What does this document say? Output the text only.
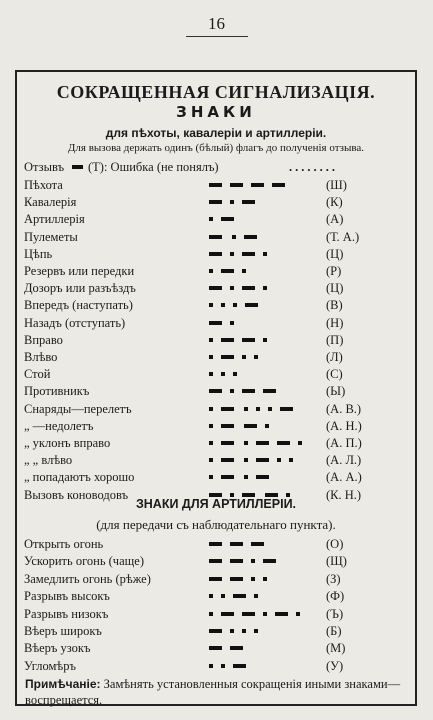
16
СОКРАЩЕННАЯ СИГНАЛИЗАЦІЯ.
ЗНАКИ
для пѣхоты, кавалеріи и артиллеріи.
Для вызова держать одинъ (бѣлый) флагъ до полученія отзыва.
Отзывъ (Т): Ошибка (не понялъ)	........
Пѣхота	(Ш)
Кавалерія	(К)
Артиллерія	(А)
Пулеметы	(Т. А.)
Цѣпь	(Ц)
Резервъ или передки	(Р)
Дозоръ или разъѣздъ	(Ц)
Впередъ (наступать)	(В)
Назадъ (отступать)	(Н)
Вправо	(П)
Влѣво	(Л)
Стой	(С)
Противникъ	(Ы)
Снаряды—перелетъ	(А. В.)
„ —недолетъ	(А. Н.)
„ уклонъ вправо	(А. П.)
„ „ влѣво	(А. Л.)
„ попадаютъ хорошо	(А. А.)
Вызовъ коноводовъ	(К. Н.)
ЗНАКИ ДЛЯ АРТИЛЛЕРІИ.
(для передачи съ наблюдательнаго пункта).
Открыть огонь	(О)
Ускорить огонь (чаще)	(Щ)
Замедлить огонь (рѣже)	(З)
Разрывъ высокъ	(Ф)
Разрывъ низокъ	(Ъ)
Вѣеръ широкъ	(Б)
Вѣеръ узокъ	(М)
Угломѣръ	(У)
Примѣчаніе: Замѣнять установленныя сокращенія иными знаками—воспрещается.
